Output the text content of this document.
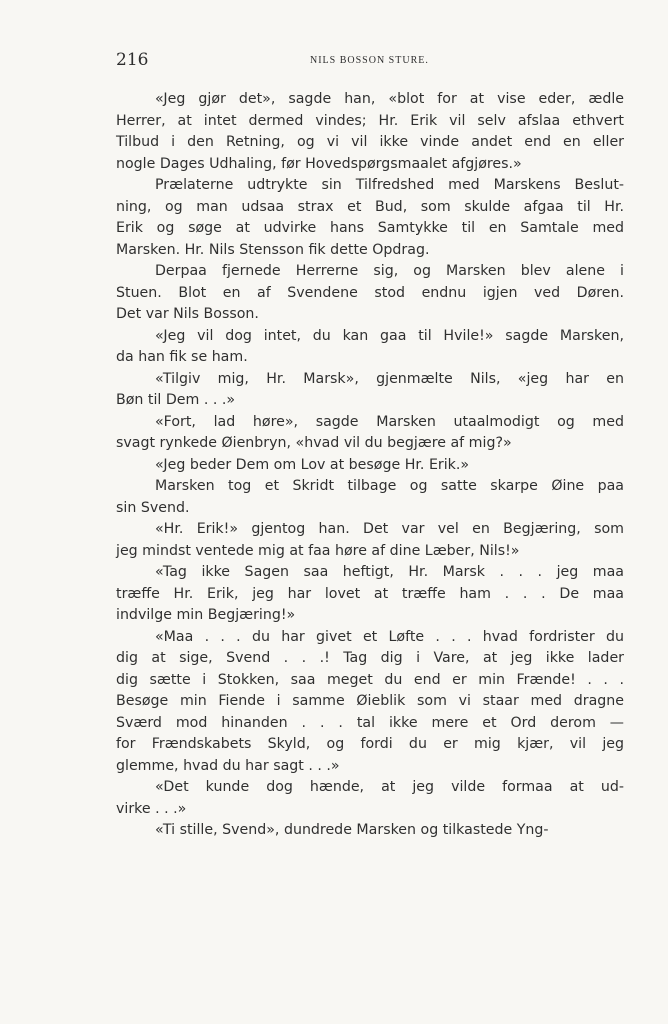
216	NILS BOSSON STURE.
«Jeg gjør det», sagde han, «blot for at vise eder, ædle
Herrer, at intet dermed vindes; Hr. Erik vil selv afslaa ethvert
Tilbud i den Retning, og vi vil ikke vinde andet end en eller
nogle Dages Udhaling, før Hovedspørgsmaalet afgjøres.»
Prælaterne udtrykte sin Tilfredshed med Marskens Beslut-
ning, og man udsaa strax et Bud, som skulde afgaa til Hr.
Erik og søge at udvirke hans Samtykke til en Samtale med
Marsken. Hr. Nils Stensson fik dette Opdrag.
Derpaa fjernede Herrerne sig, og Marsken blev alene i
Stuen. Blot en af Svendene stod endnu igjen ved Døren.
Det var Nils Bosson.
«Jeg vil dog intet, du kan gaa til Hvile!» sagde Marsken,
da han fik se ham.
«Tilgiv mig, Hr. Marsk», gjenmælte Nils, «jeg har en
Bøn til Dem . . .»
«Fort, lad høre», sagde Marsken utaalmodigt og med
svagt rynkede Øienbryn, «hvad vil du begjære af mig?»
«Jeg beder Dem om Lov at besøge Hr. Erik.»
Marsken tog et Skridt tilbage og satte skarpe Øine paa
sin Svend.
«Hr. Erik!» gjentog han. Det var vel en Begjæring, som
jeg mindst ventede mig at faa høre af dine Læber, Nils!»
«Tag ikke Sagen saa heftigt, Hr. Marsk . . . jeg maa
træffe Hr. Erik, jeg har lovet at træffe ham . . . De maa
indvilge min Begjæring!»
«Maa . . . du har givet et Løfte . . . hvad fordrister du
dig at sige, Svend . . .! Tag dig i Vare, at jeg ikke lader
dig sætte i Stokken, saa meget du end er min Frænde! . . .
Besøge min Fiende i samme Øieblik som vi staar med dragne
Sværd mod hinanden . . . tal ikke mere et Ord derom —
for Frændskabets Skyld, og fordi du er mig kjær, vil jeg
glemme, hvad du har sagt . . .»
«Det kunde dog hænde, at jeg vilde formaa at ud-
virke . . .»
«Ti stille, Svend», dundrede Marsken og tilkastede Yng-
